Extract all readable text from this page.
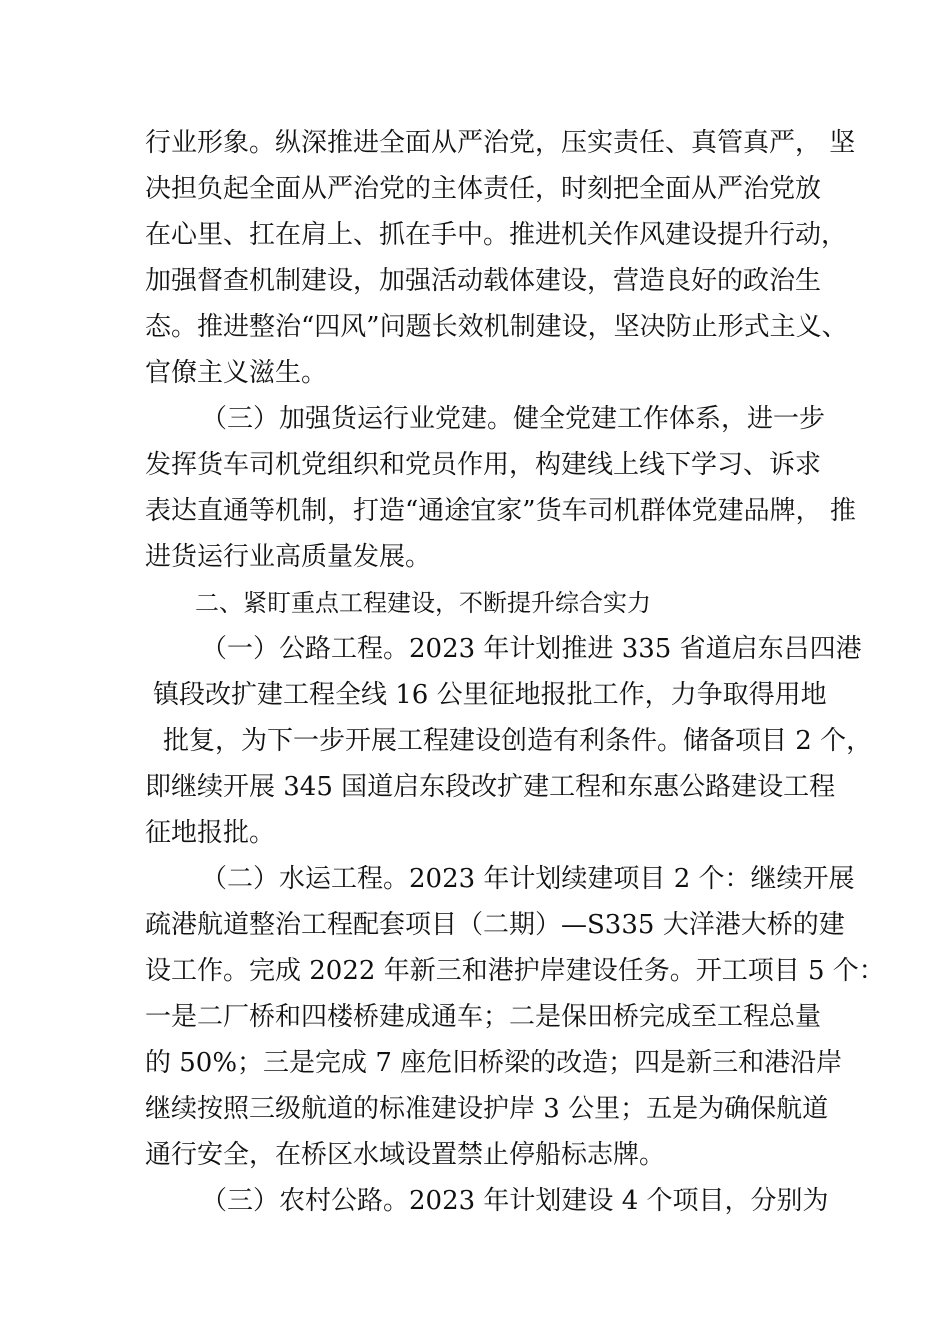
行业形象。纵深推进全面从严治党，压实责任、真管真严， 坚
决担负起全面从严治党的主体责任，时刻把全面从严治党放
在心里、扛在肩上、抓在手中。推进机关作风建设提升行动，
加强督查机制建设，加强活动载体建设，营造良好的政治生
态。推进整治“四风”问题长效机制建设，坚决防止形式主义、
官僚主义滋生。
（三）加强货运行业党建。健全党建工作体系，进一步
发挥货车司机党组织和党员作用，构建线上线下学习、诉求
表达直通等机制，打造“通途宜家”货车司机群体党建品牌， 推
进货运行业高质量发展。
二、紧盯重点工程建设，不断提升综合实力
（一）公路工程。2023 年计划推进 335 省道启东吕四港
镇段改扩建工程全线 16 公里征地报批工作，力争取得用地
批复，为下一步开展工程建设创造有利条件。储备项目 2 个，
即继续开展 345 国道启东段改扩建工程和东惠公路建设工程
征地报批。
（二）水运工程。2023 年计划续建项目 2 个：继续开展
疏港航道整治工程配套项目（二期）—S335 大洋港大桥的建
设工作。完成 2022 年新三和港护岸建设任务。开工项目 5 个：
一是二厂桥和四楼桥建成通车；二是保田桥完成至工程总量
的 50%；三是完成 7 座危旧桥梁的改造；四是新三和港沿岸
继续按照三级航道的标准建设护岸 3 公里；五是为确保航道
通行安全，在桥区水域设置禁止停船标志牌。
（三）农村公路。2023 年计划建设 4 个项目，分别为
